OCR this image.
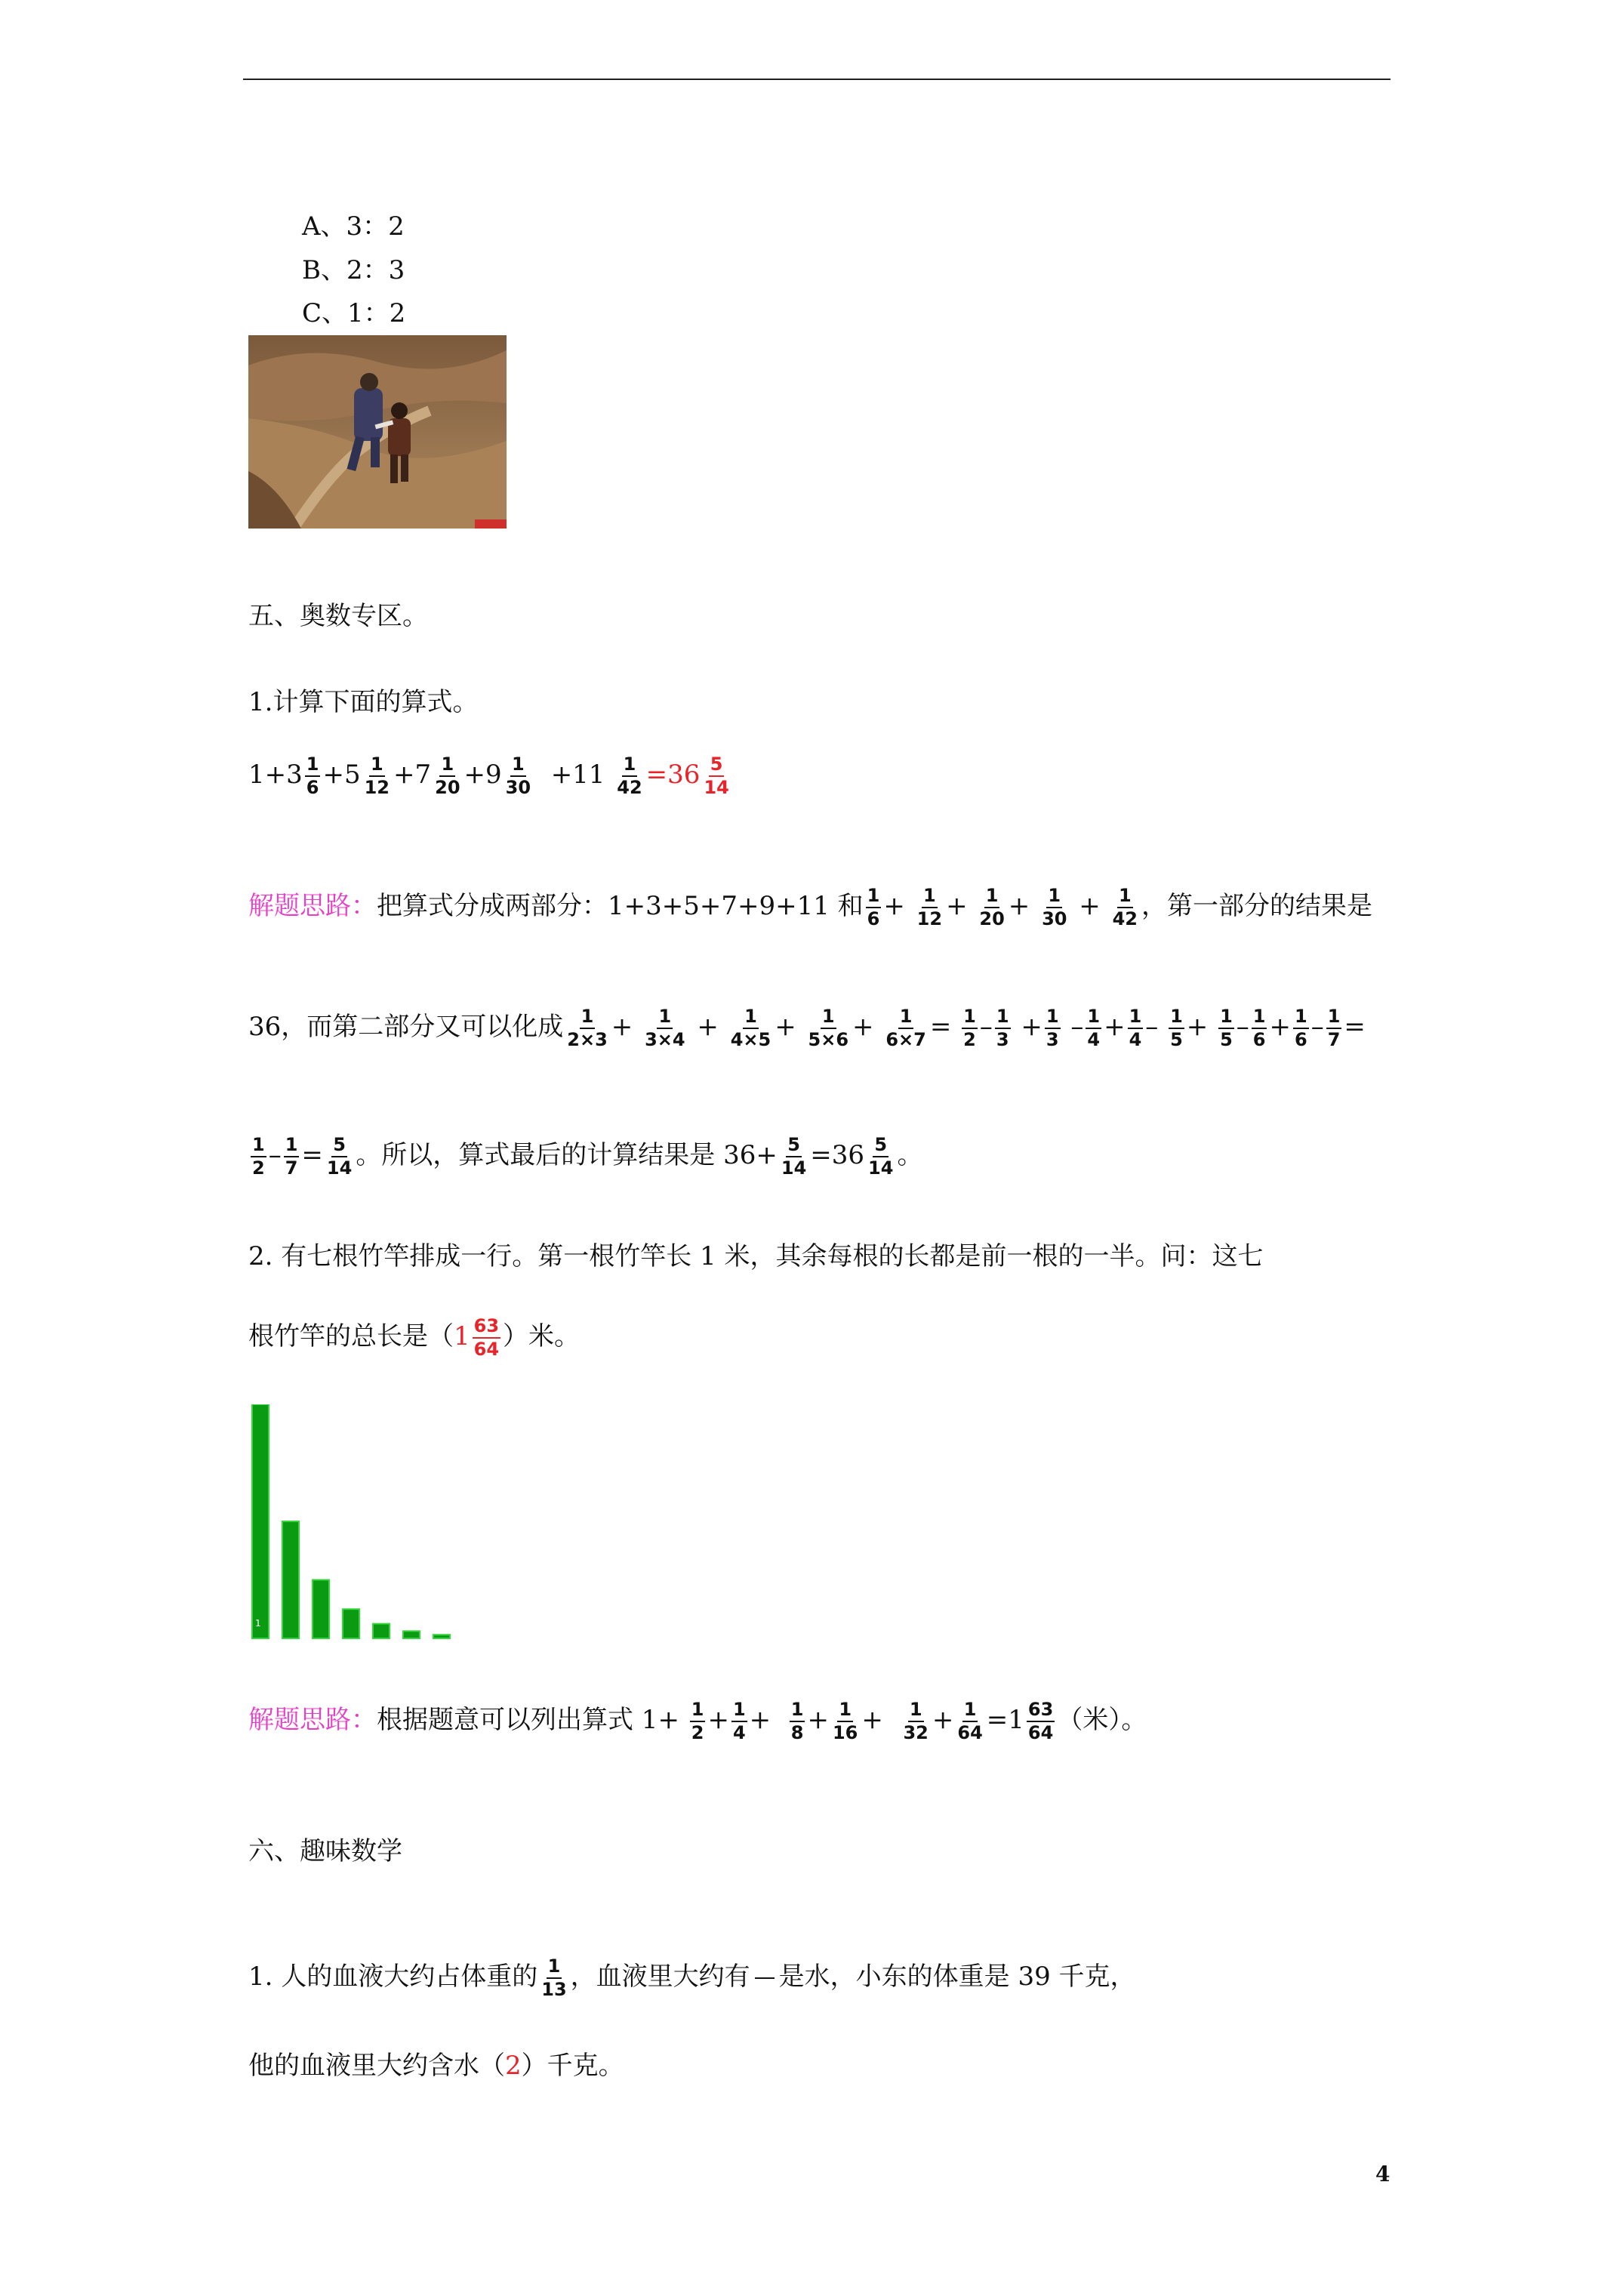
A、3：2
B、2：3
C、1：2
五、奥数专区。
1.计算下面的算式。
$1+3 \frac{1}{6} +5 \frac{1}{12} +7 \frac{1}{20} +9 \frac{1}{30} +11 \frac{1}{42} =36 \frac{5}{14}$
解题思路：把算式分成两部分：1+3+5+7+9+11 和 $\frac{1}{6} + \frac{1}{12} + \frac{1}{20} + \frac{1}{30} + \frac{1}{42}$ ，第一部分的结果是
36，而第二部分又可以化成 $\frac{1}{2\times 3} + \frac{1}{3\times 4} + \frac{1}{4\times 5} + \frac{1}{5\times 6} + \frac{1}{6\times 7} = \frac{1}{2} - \frac{1}{3} + \frac{1}{3} - \frac{1}{4} + \frac{1}{4} - \frac{1}{5} + \frac{1}{5} - \frac{1}{6} + \frac{1}{6} - \frac{1}{7}$ =
$\frac{1}{2} - \frac{1}{7} = \frac{5}{14}$ 。所以，算式最后的计算结果是 $36+ \frac{5}{14} =36 \frac{5}{14}$ 。
2. 有七根竹竿排成一行。第一根竹竿长 1 米，其余每根的长都是前一根的一半。问：这七
根竹竿的总长是（$1 \frac{63}{64}$ ）米。
1
解题思路：根据题意可以列出算式 $1+ \frac{1}{2} + \frac{1}{4} + \frac{1}{8} + \frac{1}{16} + \frac{1}{32} + \frac{1}{64} =1 \frac{63}{64}$ （米）。
六、趣味数学
1. 人的血液大约占体重的 $\frac{1}{13}$ ，血液里大约有 是水，小东的体重是 39 千克，
他的血液里大约含水（2）千克。
4
